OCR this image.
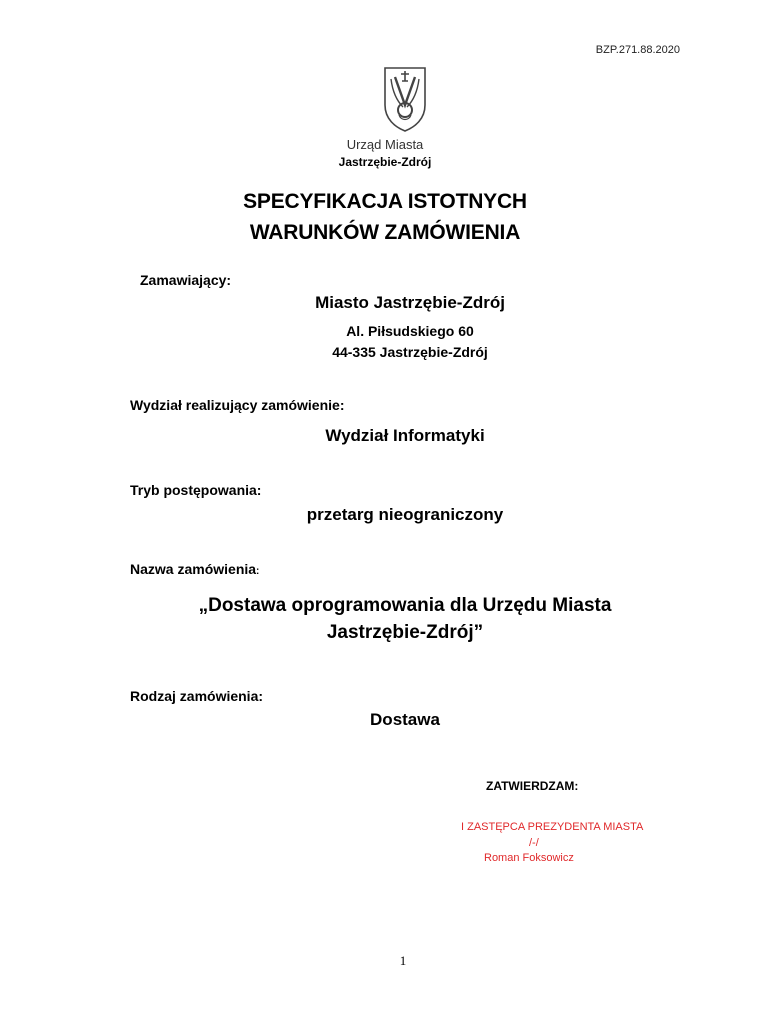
BZP.271.88.2020
Urząd Miasta
Jastrzębie-Zdrój
SPECYFIKACJA ISTOTNYCH
WARUNKÓW ZAMÓWIENIA
Zamawiający:
Miasto Jastrzębie-Zdrój
Al. Piłsudskiego 60
44-335 Jastrzębie-Zdrój
Wydział realizujący zamówienie:
Wydział Informatyki
Tryb postępowania:
przetarg nieograniczony
Nazwa zamówienia:
„Dostawa oprogramowania dla Urzędu Miasta
Jastrzębie-Zdrój”
Rodzaj zamówienia:
Dostawa
ZATWIERDZAM:
I ZASTĘPCA PREZYDENTA MIASTA
/-/
Roman Foksowicz
1
